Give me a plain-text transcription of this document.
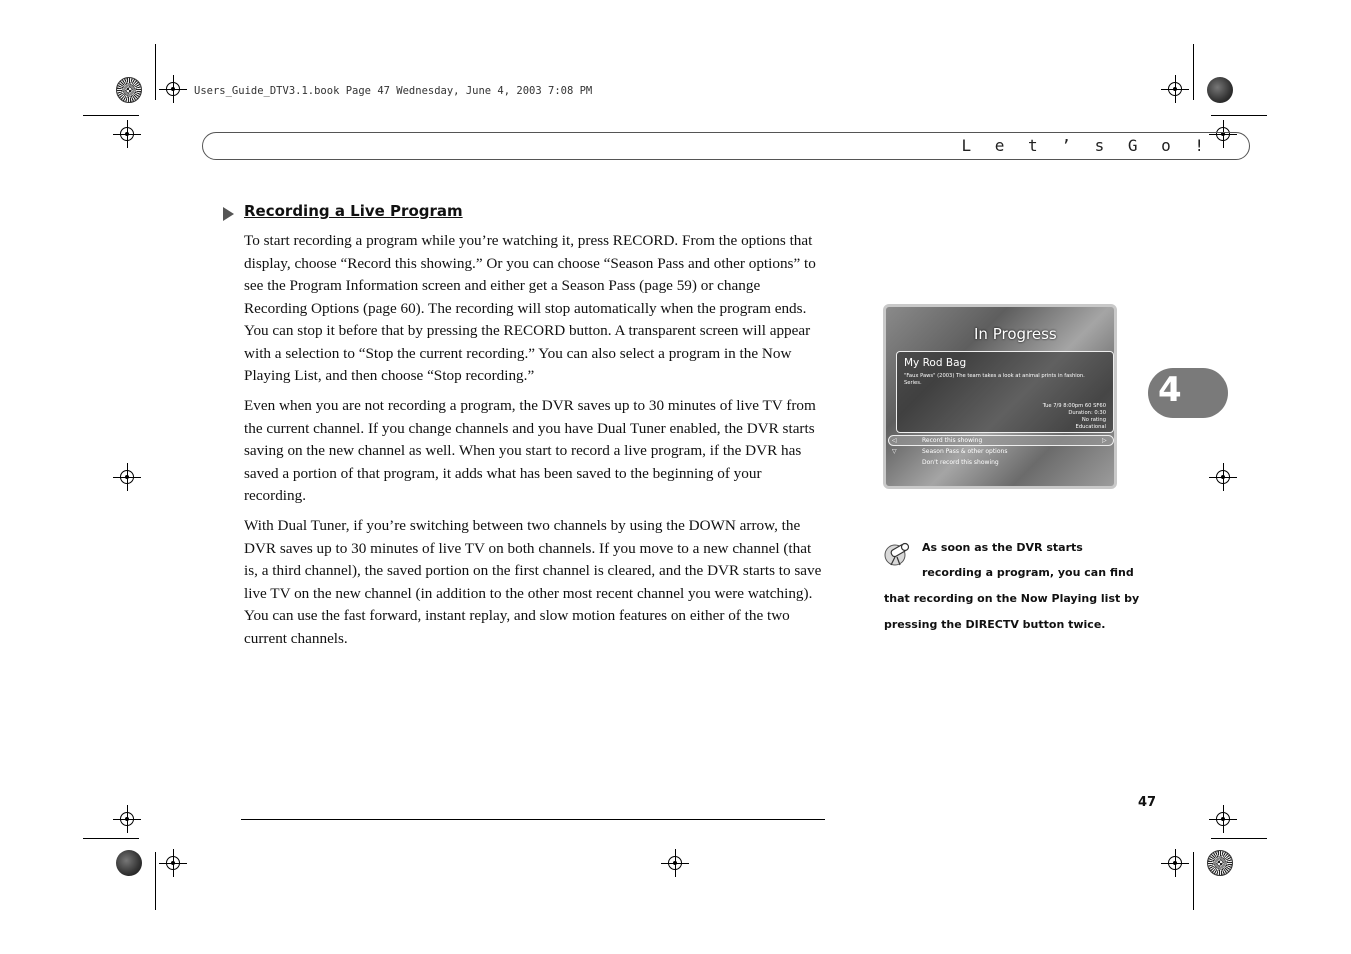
Users_Guide_DTV3.1.book Page 47 Wednesday, June 4, 2003 7:08 PM
L e t ’ s G o !
4
Recording a Live Program

To start recording a program while you’re watching it, press RECORD. From the options that display, choose “Record this showing.” Or you can choose “Season Pass and other options” to see the Program Information screen and either get a Season Pass (page 59) or change Recording Options (page 60). The recording will stop automatically when the program ends. You can stop it before that by pressing the RECORD button. A transparent screen will appear with a selection to “Stop the current recording.” You can also select a program in the Now Playing List, and then choose “Stop recording.”

Even when you are not recording a program, the DVR saves up to 30 minutes of live TV from the current channel. If you change channels and you have Dual Tuner enabled, the DVR starts saving on the new channel as well. When you start to record a live program, if the DVR has saved a portion of that program, it adds what has been saved to the beginning of your recording.

With Dual Tuner, if you’re switching between two channels by using the DOWN arrow, the DVR saves up to 30 minutes of live TV on both channels. If you move to a new channel (that is, a third channel), the saved portion on the first channel is cleared, and the DVR starts to save live TV on the new channel (in addition to the other most recent channel you were watching). You can use the fast forward, instant replay, and slow motion features on either of the two current channels.

In Progress
My Rod Bag
"Faux Paws" (2003) The team takes a look at animal prints in fashion. Series.
Tue 7/9 8:00pm 60 SF60
Duration: 0:30
No rating
Educational
◁	▷
▽
Record this showing
Season Pass & other options
Don't record this showing
As soon as the DVR starts
recording a program, you can find
that recording on the Now Playing list by
pressing the DIRECTV button twice.
47
